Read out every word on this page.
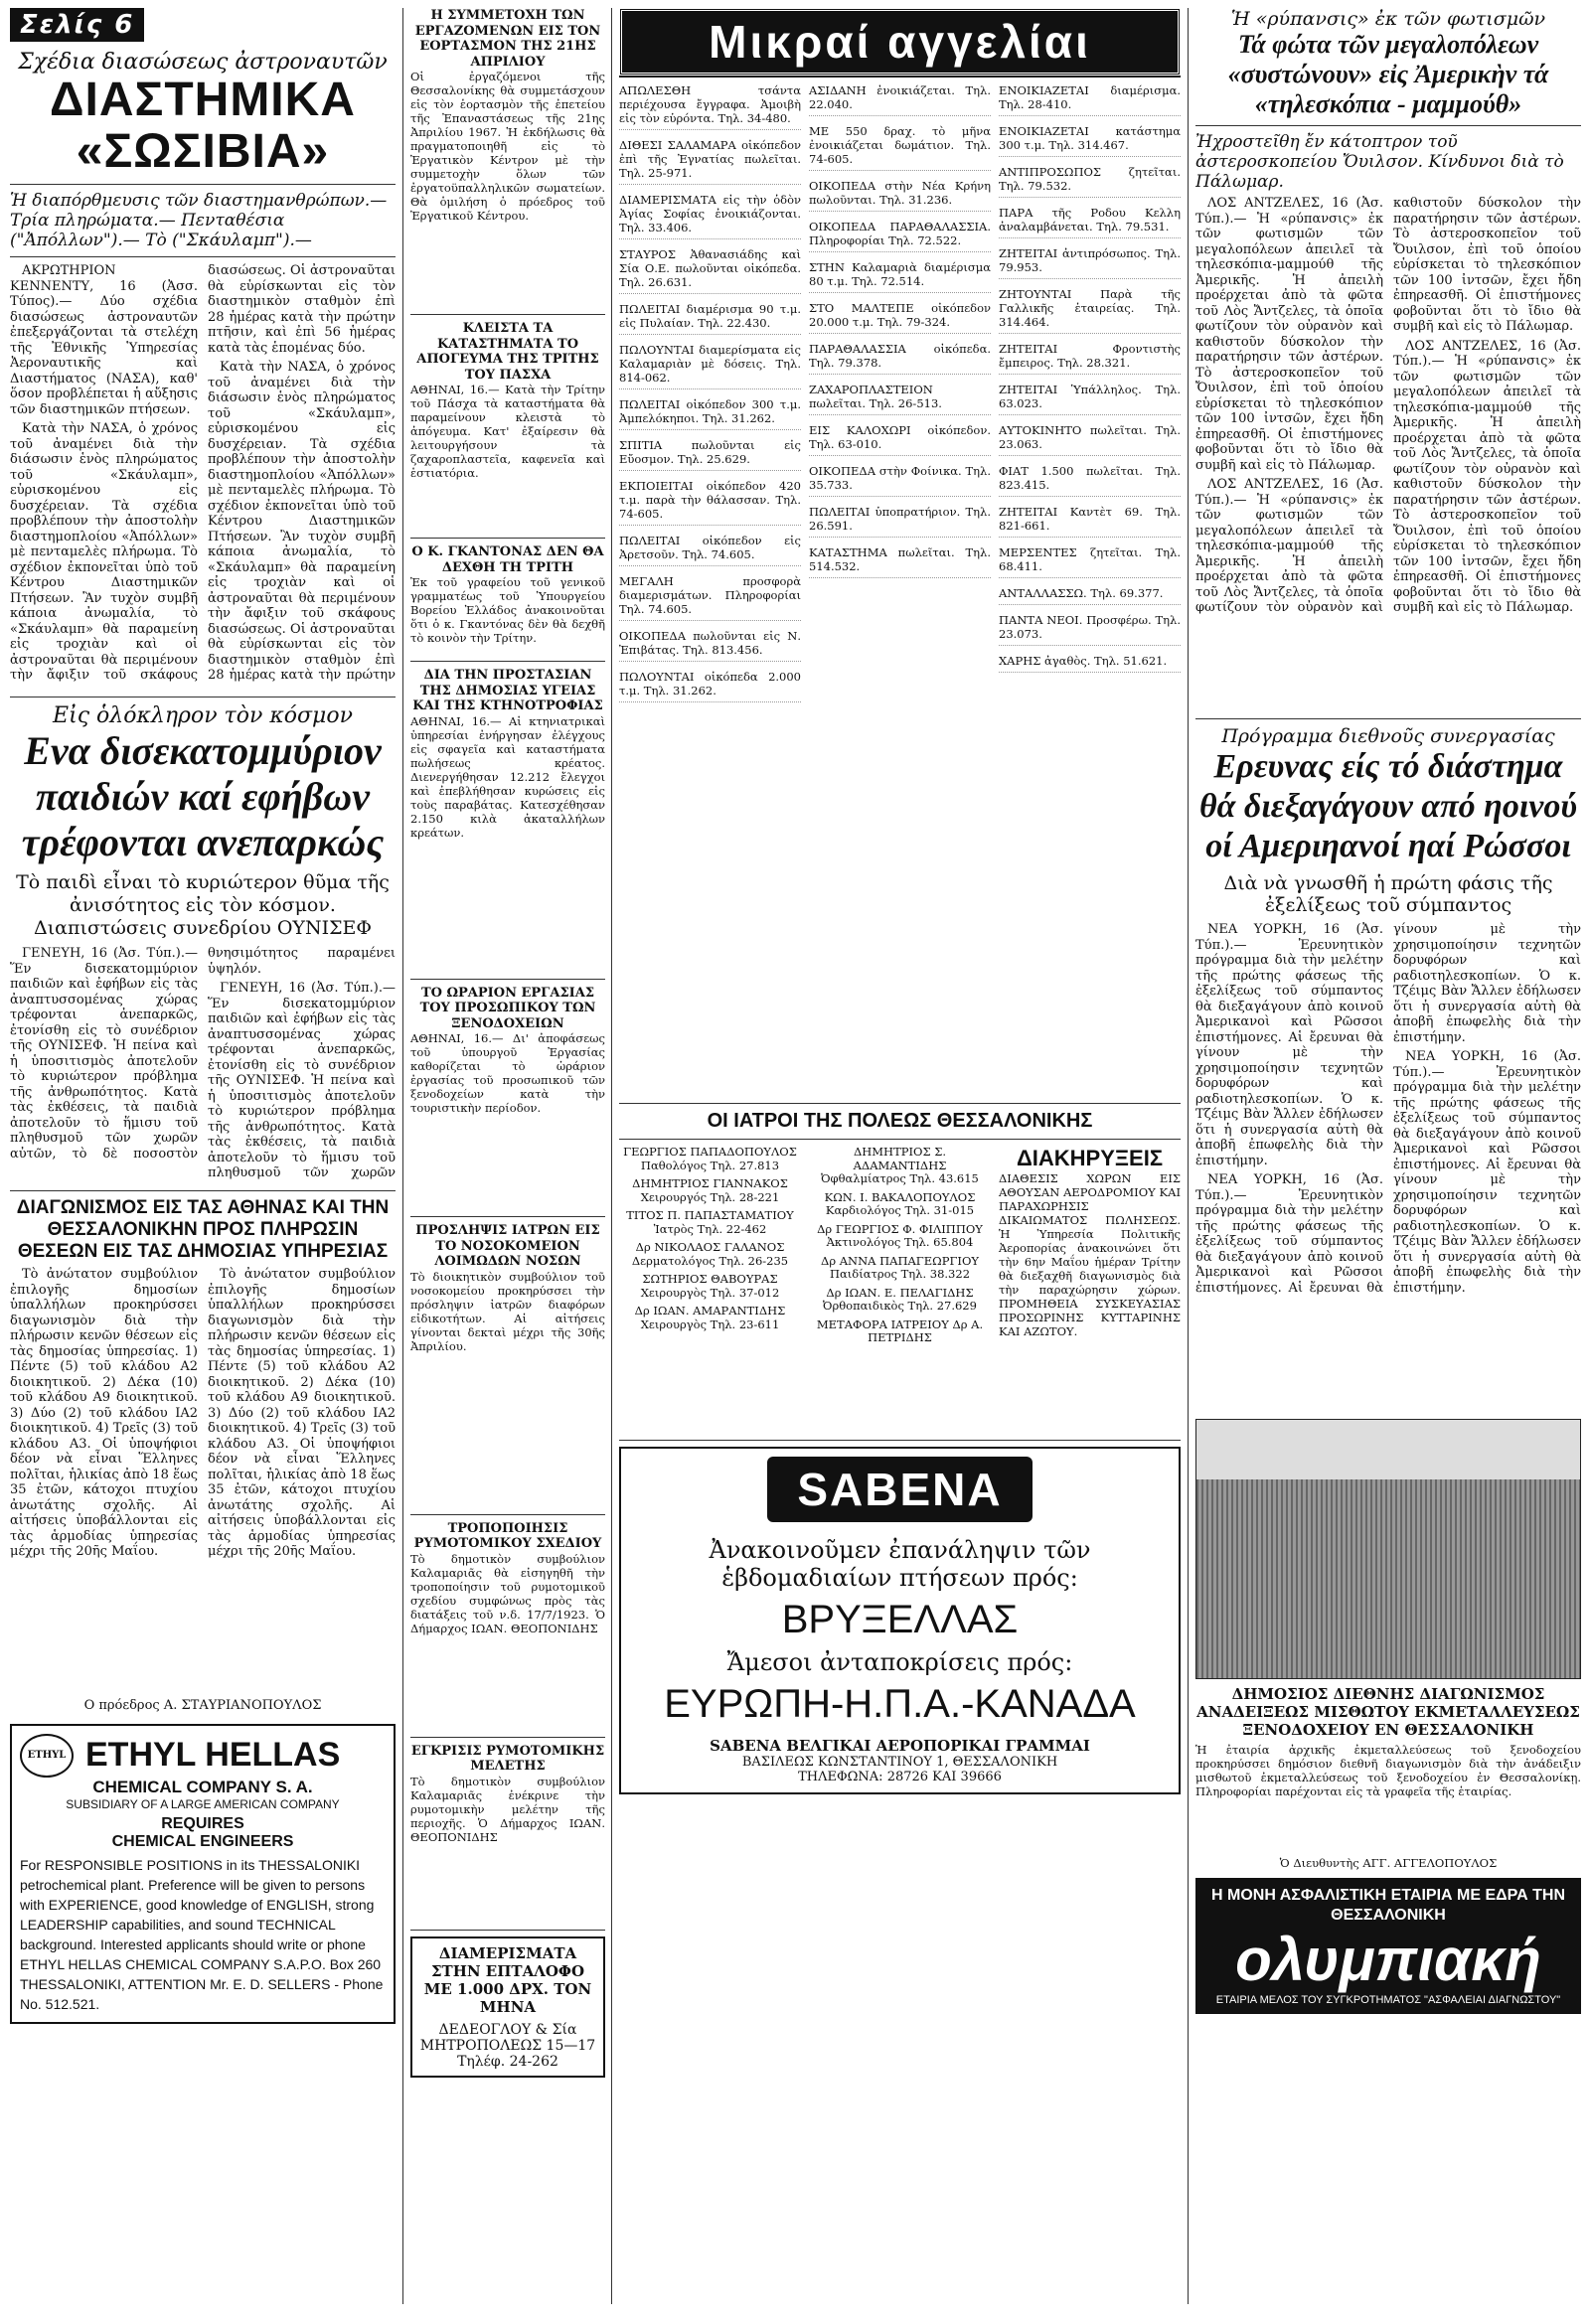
Σελίς 6
Σχέδια διασώσεως ἀστροναυτῶν
ΔΙΑΣΤΗΜΙΚΑ «ΣΩΣΙΒΙΑ»
Ἡ διαπόρθμευσις τῶν διαστημανθρώπων.— Τρία πληρώματα.— Πενταθέσια ("Ἀπόλλων").— Τὸ ("Σκάυλαμπ").—

ΑΚΡΩΤΗΡΙΟΝ ΚΕΝΝΕΝΤΥ, 16 (Ἀσσ. Τύπος).— Δύο σχέδια διασώσεως ἀστροναυτῶν ἐπεξεργάζονται τὰ στελέχη τῆς Ἐθνικῆς Ὑπηρεσίας Ἀεροναυτικῆς καὶ Διαστήματος (ΝΑΣΑ), καθ' ὅσον προβλέπεται ἡ αὔξησις τῶν διαστημικῶν πτήσεων.

Κατὰ τὴν ΝΑΣΑ, ὁ χρόνος τοῦ ἀναμένει διὰ τὴν διάσωσιν ἑνὸς πληρώματος τοῦ «Σκάυλαμπ», εὑρισκομένου εἰς δυσχέρειαν. Τὰ σχέδια προβλέπουν τὴν ἀποστολὴν διαστημοπλοίου «Ἀπόλλων» μὲ πενταμελὲς πλήρωμα. Τὸ σχέδιον ἐκπονεῖται ὑπὸ τοῦ Κέντρου Διαστημικῶν Πτήσεων. Ἂν τυχὸν συμβῆ κάποια ἀνωμαλία, τὸ «Σκάυλαμπ» θὰ παραμείνη εἰς τροχιὰν καὶ οἱ ἀστροναῦται θὰ περιμένουν τὴν ἄφιξιν τοῦ σκάφους διασώσεως. Οἱ ἀστροναῦται θὰ εὑρίσκωνται εἰς τὸν διαστημικὸν σταθμὸν ἐπὶ 28 ἡμέρας κατὰ τὴν πρώτην πτῆσιν, καὶ ἐπὶ 56 ἡμέρας κατὰ τὰς ἑπομένας δύο.

Κατὰ τὴν ΝΑΣΑ, ὁ χρόνος τοῦ ἀναμένει διὰ τὴν διάσωσιν ἑνὸς πληρώματος τοῦ «Σκάυλαμπ», εὑρισκομένου εἰς δυσχέρειαν. Τὰ σχέδια προβλέπουν τὴν ἀποστολὴν διαστημοπλοίου «Ἀπόλλων» μὲ πενταμελὲς πλήρωμα. Τὸ σχέδιον ἐκπονεῖται ὑπὸ τοῦ Κέντρου Διαστημικῶν Πτήσεων. Ἂν τυχὸν συμβῆ κάποια ἀνωμαλία, τὸ «Σκάυλαμπ» θὰ παραμείνη εἰς τροχιὰν καὶ οἱ ἀστροναῦται θὰ περιμένουν τὴν ἄφιξιν τοῦ σκάφους διασώσεως. Οἱ ἀστροναῦται θὰ εὑρίσκωνται εἰς τὸν διαστημικὸν σταθμὸν ἐπὶ 28 ἡμέρας κατὰ τὴν πρώτην

Εἰς ὁλόκληρον τὸν κόσμον
Ενα δισεκατομμύριον παιδιών καί εφήβων τρέφονται ανεπαρκώς
Τὸ παιδὶ εἶναι τὸ κυριώτερον θῦμα τῆς ἀνισότητος εἰς τὸν κόσμον. Διαπιστώσεις συνεδρίου ΟΥΝΙΣΕΦ

ΓΕΝΕΥΗ, 16 (Ἀσ. Τύπ.).— Ἕν δισεκατομμύριον παιδιῶν καὶ ἐφήβων εἰς τὰς ἀναπτυσσομένας χώρας τρέφονται ἀνεπαρκῶς, ἐτονίσθη εἰς τὸ συνέδριον τῆς ΟΥΝΙΣΕΦ. Ἡ πείνα καὶ ἡ ὑποσιτισμὸς ἀποτελοῦν τὸ κυριώτερον πρόβλημα τῆς ἀνθρωπότητος. Κατὰ τὰς ἐκθέσεις, τὰ παιδιὰ ἀποτελοῦν τὸ ἥμισυ τοῦ πληθυσμοῦ τῶν χωρῶν αὐτῶν, τὸ δὲ ποσοστὸν θνησιμότητος παραμένει ὑψηλόν.

ΓΕΝΕΥΗ, 16 (Ἀσ. Τύπ.).— Ἕν δισεκατομμύριον παιδιῶν καὶ ἐφήβων εἰς τὰς ἀναπτυσσομένας χώρας τρέφονται ἀνεπαρκῶς, ἐτονίσθη εἰς τὸ συνέδριον τῆς ΟΥΝΙΣΕΦ. Ἡ πείνα καὶ ἡ ὑποσιτισμὸς ἀποτελοῦν τὸ κυριώτερον πρόβλημα τῆς ἀνθρωπότητος. Κατὰ τὰς ἐκθέσεις, τὰ παιδιὰ ἀποτελοῦν τὸ ἥμισυ τοῦ πληθυσμοῦ τῶν χωρῶν

ΔΙΑΓΩΝΙΣΜΟΣ ΕΙΣ ΤΑΣ ΑΘΗΝΑΣ ΚΑΙ ΤΗΝ ΘΕΣΣΑΛΟΝΙΚΗΝ ΠΡΟΣ ΠΛΗΡΩΣΙΝ ΘΕΣΕΩΝ ΕΙΣ ΤΑΣ ΔΗΜΟΣΙΑΣ ΥΠΗΡΕΣΙΑΣ

Τὸ ἀνώτατον συμβούλιον ἐπιλογῆς δημοσίων ὑπαλλήλων προκηρύσσει διαγωνισμὸν διὰ τὴν πλήρωσιν κενῶν θέσεων εἰς τὰς δημοσίας ὑπηρεσίας. 1) Πέντε (5) τοῦ κλάδου Α2 διοικητικοῦ. 2) Δέκα (10) τοῦ κλάδου Α9 διοικητικοῦ. 3) Δύο (2) τοῦ κλάδου ΙΑ2 διοικητικοῦ. 4) Τρεῖς (3) τοῦ κλάδου Α3. Οἱ ὑποψήφιοι δέον νὰ εἶναι Ἕλληνες πολῖται, ἡλικίας ἀπὸ 18 ἕως 35 ἐτῶν, κάτοχοι πτυχίου ἀνωτάτης σχολῆς. Αἱ αἰτήσεις ὑποβάλλονται εἰς τὰς ἁρμοδίας ὑπηρεσίας μέχρι τῆς 20ῆς Μαΐου.

Τὸ ἀνώτατον συμβούλιον ἐπιλογῆς δημοσίων ὑπαλλήλων προκηρύσσει διαγωνισμὸν διὰ τὴν πλήρωσιν κενῶν θέσεων εἰς τὰς δημοσίας ὑπηρεσίας. 1) Πέντε (5) τοῦ κλάδου Α2 διοικητικοῦ. 2) Δέκα (10) τοῦ κλάδου Α9 διοικητικοῦ. 3) Δύο (2) τοῦ κλάδου ΙΑ2 διοικητικοῦ. 4) Τρεῖς (3) τοῦ κλάδου Α3. Οἱ ὑποψήφιοι δέον νὰ εἶναι Ἕλληνες πολῖται, ἡλικίας ἀπὸ 18 ἕως 35 ἐτῶν, κάτοχοι πτυχίου ἀνωτάτης σχολῆς. Αἱ αἰτήσεις ὑποβάλλονται εἰς τὰς ἁρμοδίας ὑπηρεσίας μέχρι τῆς 20ῆς Μαΐου.

Ο πρόεδρος Α. ΣΤΑΥΡΙΑΝΟΠΟΥΛΟΣ
ETHYL ETHYL HELLAS
CHEMICAL COMPANY S. A.
SUBSIDIARY OF A LARGE AMERICAN COMPANY
REQUIRES
CHEMICAL ENGINEERS
For RESPONSIBLE POSITIONS in its THESSALONIKI petrochemical plant. Preference will be given to persons with EXPERIENCE, good knowledge of ENGLISH, strong LEADERSHIP capabilities, and sound TECHNICAL background. Interested applicants should write or phone ETHYL HELLAS CHEMICAL COMPANY S.A.P.O. Box 260 THESSALONIKI, ATTENTION Mr. E. D. SELLERS - Phone No. 512.521.
Η ΣΥΜΜΕΤΟΧΗ ΤΩΝ ΕΡΓΑΖΟΜΕΝΩΝ ΕΙΣ ΤΟΝ ΕΟΡΤΑΣΜΟΝ ΤΗΣ 21ΗΣ ΑΠΡΙΛΙΟΥ
Οἱ ἐργαζόμενοι τῆς Θεσσαλονίκης θὰ συμμετάσχουν εἰς τὸν ἑορτασμὸν τῆς ἐπετείου τῆς Ἐπαναστάσεως τῆς 21ης Ἀπριλίου 1967. Ἡ ἐκδήλωσις θὰ πραγματοποιηθῆ εἰς τὸ Ἐργατικὸν Κέντρον μὲ τὴν συμμετοχὴν ὅλων τῶν ἐργατοϋπαλληλικῶν σωματείων. Θὰ ὁμιλήση ὁ πρόεδρος τοῦ Ἐργατικοῦ Κέντρου.
ΚΛΕΙΣΤΑ ΤΑ ΚΑΤΑΣΤΗΜΑΤΑ ΤΟ ΑΠΟΓΕΥΜΑ ΤΗΣ ΤΡΙΤΗΣ ΤΟΥ ΠΑΣΧΑ
ΑΘΗΝΑΙ, 16.— Κατὰ τὴν Τρίτην τοῦ Πάσχα τὰ καταστήματα θὰ παραμείνουν κλειστὰ τὸ ἀπόγευμα. Κατ' ἐξαίρεσιν θὰ λειτουργήσουν τὰ ζαχαροπλαστεῖα, καφενεῖα καὶ ἑστιατόρια.
Ο Κ. ΓΚΑΝΤΟΝΑΣ ΔΕΝ ΘΑ ΔΕΧΘΗ ΤΗ ΤΡΙΤΗ
Ἐκ τοῦ γραφείου τοῦ γενικοῦ γραμματέως τοῦ Ὑπουργείου Βορείου Ἑλλάδος ἀνακοινοῦται ὅτι ὁ κ. Γκαντόνας δὲν θὰ δεχθῆ τὸ κοινὸν τὴν Τρίτην.
ΔΙΑ ΤΗΝ ΠΡΟΣΤΑΣΙΑΝ ΤΗΣ ΔΗΜΟΣΙΑΣ ΥΓΕΙΑΣ ΚΑΙ ΤΗΣ ΚΤΗΝΟΤΡΟΦΙΑΣ
ΑΘΗΝΑΙ, 16.— Αἱ κτηνιατρικαὶ ὑπηρεσίαι ἐνήργησαν ἐλέγχους εἰς σφαγεῖα καὶ καταστήματα πωλήσεως κρέατος. Διενεργήθησαν 12.212 ἔλεγχοι καὶ ἐπεβλήθησαν κυρώσεις εἰς τοὺς παραβάτας. Κατεσχέθησαν 2.150 κιλὰ ἀκαταλλήλων κρεάτων.
ΤΟ ΩΡΑΡΙΟΝ ΕΡΓΑΣΙΑΣ ΤΟΥ ΠΡΟΣΩΠΙΚΟΥ ΤΩΝ ΞΕΝΟΔΟΧΕΙΩΝ
ΑΘΗΝΑΙ, 16.— Δι' ἀποφάσεως τοῦ ὑπουργοῦ Ἐργασίας καθορίζεται τὸ ὡράριον ἐργασίας τοῦ προσωπικοῦ τῶν ξενοδοχείων κατὰ τὴν τουριστικὴν περίοδον.
ΠΡΟΣΛΗΨΙΣ ΙΑΤΡΩΝ ΕΙΣ ΤΟ ΝΟΣΟΚΟΜΕΙΟΝ ΛΟΙΜΩΔΩΝ ΝΟΣΩΝ
Τὸ διοικητικὸν συμβούλιον τοῦ νοσοκομείου προκηρύσσει τὴν πρόσληψιν ἰατρῶν διαφόρων εἰδικοτήτων. Αἱ αἰτήσεις γίνονται δεκταὶ μέχρι τῆς 30ῆς Ἀπριλίου.
ΤΡΟΠΟΠΟΙΗΣΙΣ ΡΥΜΟΤΟΜΙΚΟΥ ΣΧΕΔΙΟΥ
Τὸ δημοτικὸν συμβούλιον Καλαμαριᾶς θὰ εἰσηγηθῆ τὴν τροποποίησιν τοῦ ρυμοτομικοῦ σχεδίου συμφώνως πρὸς τὰς διατάξεις τοῦ ν.δ. 17/7/1923. Ὁ Δήμαρχος ΙΩΑΝ. ΘΕΟΠΟΝΙΔΗΣ
ΕΓΚΡΙΣΙΣ ΡΥΜΟΤΟΜΙΚΗΣ ΜΕΛΕΤΗΣ
Τὸ δημοτικὸν συμβούλιον Καλαμαριᾶς ἐνέκρινε τὴν ρυμοτομικὴν μελέτην τῆς περιοχῆς. Ὁ Δήμαρχος ΙΩΑΝ. ΘΕΟΠΟΝΙΔΗΣ
ΔΙΑΜΕΡΙΣΜΑΤΑ ΣΤΗΝ ΕΠΤΑΛΟΦΟ ΜΕ 1.000 ΔΡΧ. ΤΟΝ ΜΗΝΑ
ΔΕΔΕΟΓΛΟΥ & Σία ΜΗΤΡΟΠΟΛΕΩΣ 15—17 Τηλέφ. 24-262
Μικραί αγγελίαι
ΑΠΩΛΕΣΘΗ τσάντα περιέχουσα ἔγγραφα. Ἀμοιβὴ εἰς τὸν εὑρόντα. Τηλ. 34-480.
ΔΙΘΕΣΙ ΣΑΛΑΜΑΡΑ οἰκόπεδον ἐπὶ τῆς Ἐγνατίας πωλεῖται. Τηλ. 25-971.
ΔΙΑΜΕΡΙΣΜΑΤΑ εἰς τὴν ὁδὸν Ἀγίας Σοφίας ἐνοικιάζονται. Τηλ. 33.406.
ΣΤΑΥΡΟΣ Ἀθανασιάδης καὶ Σία Ο.Ε. πωλοῦνται οἰκόπεδα. Τηλ. 26.631.
ΠΩΛΕΙΤΑΙ διαμέρισμα 90 τ.μ. εἰς Πυλαίαν. Τηλ. 22.430.
ΠΩΛΟΥΝΤΑΙ διαμερίσματα εἰς Καλαμαριὰν μὲ δόσεις. Τηλ. 814-062.
ΠΩΛΕΙΤΑΙ οἰκόπεδον 300 τ.μ. Ἀμπελόκηποι. Τηλ. 31.262.
ΣΠΙΤΙΑ πωλοῦνται εἰς Εὔοσμον. Τηλ. 25.629.
ΕΚΠΟΙΕΙΤΑΙ οἰκόπεδον 420 τ.μ. παρὰ τὴν θάλασσαν. Τηλ. 74-605.
ΠΩΛΕΙΤΑΙ οἰκόπεδον εἰς Ἀρετσοῦν. Τηλ. 74.605.
ΜΕΓΑΛΗ προσφορὰ διαμερισμάτων. Πληροφορίαι Τηλ. 74.605.
ΟΙΚΟΠΕΔΑ πωλοῦνται εἰς Ν. Ἐπιβάτας. Τηλ. 813.456.
ΠΩΛΟΥΝΤΑΙ οἰκόπεδα 2.000 τ.μ. Τηλ. 31.262.
ΑΣΙΔΑΝΗ ἐνοικιάζεται. Τηλ. 22.040.
ΜΕ 550 δραχ. τὸ μῆνα ἐνοικιάζεται δωμάτιον. Τηλ. 74-605.
ΟΙΚΟΠΕΔΑ στὴν Νέα Κρήνη πωλοῦνται. Τηλ. 31.236.
ΟΙΚΟΠΕΔΑ ΠΑΡΑΘΑΛΑΣΣΙΑ. Πληροφορίαι Τηλ. 72.522.
ΣΤΗΝ Καλαμαριὰ διαμέρισμα 80 τ.μ. Τηλ. 72.514.
ΣΤΟ ΜΑΛΤΕΠΕ οἰκόπεδον 20.000 τ.μ. Τηλ. 79-324.
ΠΑΡΑΘΑΛΑΣΣΙΑ οἰκόπεδα. Τηλ. 79.378.
ΖΑΧΑΡΟΠΛΑΣΤΕΙΟΝ πωλεῖται. Τηλ. 26-513.
ΕΙΣ ΚΑΛΟΧΩΡΙ οἰκόπεδον. Τηλ. 63-010.
ΟΙΚΟΠΕΔΑ στὴν Φοίνικα. Τηλ. 35.733.
ΠΩΛΕΙΤΑΙ ὑποπρατήριον. Τηλ. 26.591.
ΚΑΤΑΣΤΗΜΑ πωλεῖται. Τηλ. 514.532.
ΕΝΟΙΚΙΑΖΕΤΑΙ διαμέρισμα. Τηλ. 28-410.
ΕΝΟΙΚΙΑΖΕΤΑΙ κατάστημα 300 τ.μ. Τηλ. 314.467.
ΑΝΤΙΠΡΟΣΩΠΟΣ ζητεῖται. Τηλ. 79.532.
ΠΑΡΑ τῆς Ροδου Κελλη ἀναλαμβάνεται. Τηλ. 79.531.
ΖΗΤΕΙΤΑΙ ἀντιπρόσωπος. Τηλ. 79.953.
ΖΗΤΟΥΝΤΑΙ Παρὰ τῆς Γαλλικῆς ἑταιρείας. Τηλ. 314.464.
ΖΗΤΕΙΤΑΙ Φροντιστὴς ἔμπειρος. Τηλ. 28.321.
ΖΗΤΕΙΤΑΙ Ὑπάλληλος. Τηλ. 63.023.
ΑΥΤΟΚΙΝΗΤΟ πωλεῖται. Τηλ. 23.063.
ΦΙΑΤ 1.500 πωλεῖται. Τηλ. 823.415.
ΖΗΤΕΙΤΑΙ Καντὲτ 69. Τηλ. 821-661.
ΜΕΡΣΕΝΤΕΣ ζητεῖται. Τηλ. 68.411.
ΑΝΤΑΛΛΑΣΣΩ. Τηλ. 69.377.
ΠΑΝΤΑ ΝΕΟΙ. Προσφέρω. Τηλ. 23.073.
ΧΑΡΗΣ ἀγαθὸς. Τηλ. 51.621.
ΟΙ ΙΑΤΡΟΙ ΤΗΣ ΠΟΛΕΩΣ ΘΕΣΣΑΛΟΝΙΚΗΣ
ΓΕΩΡΓΙΟΣ ΠΑΠΑΔΟΠΟΥΛΟΣ Παθολόγος Τηλ. 27.813
ΔΗΜΗΤΡΙΟΣ ΓΙΑΝΝΑΚΟΣ Χειρουργός Τηλ. 28-221
ΤΙΤΟΣ Π. ΠΑΠΑΣΤΑΜΑΤΙΟΥ Ἰατρὸς Τηλ. 22-462
Δρ ΝΙΚΟΛΑΟΣ ΓΑΛΑΝΟΣ Δερματολόγος Τηλ. 26-235
ΣΩΤΗΡΙΟΣ ΘΑΒΟΥΡΑΣ Χειρουργὸς Τηλ. 37-012
Δρ ΙΩΑΝ. ΑΜΑΡΑΝΤΙΔΗΣ Χειρουργὸς Τηλ. 23-611
ΔΗΜΗΤΡΙΟΣ Σ. ΑΔΑΜΑΝΤΙΔΗΣ Ὀφθαλμίατρος Τηλ. 43.615
ΚΩΝ. Ι. ΒΑΚΑΛΟΠΟΥΛΟΣ Καρδιολόγος Τηλ. 31-015
Δρ ΓΕΩΡΓΙΟΣ Φ. ΦΙΛΙΠΠΟΥ Ἀκτινολόγος Τηλ. 65.804
Δρ ΑΝΝΑ ΠΑΠΑΓΕΩΡΓΙΟΥ Παιδίατρος Τηλ. 38.322
Δρ ΙΩΑΝ. Ε. ΠΕΛΑΓΙΔΗΣ Ὀρθοπαιδικὸς Τηλ. 27.629
ΜΕΤΑΦΟΡΑ ΙΑΤΡΕΙΟΥ Δρ Α. ΠΕΤΡΙΔΗΣ
ΔΙΑΚΗΡΥΞΕΙΣ
ΔΙΑΘΕΣΙΣ ΧΩΡΩΝ ΕΙΣ ΑΘΟΥΣΑΝ ΑΕΡΟΔΡΟΜΙΟΥ ΚΑΙ ΠΑΡΑΧΩΡΗΣΙΣ ΔΙΚΑΙΩΜΑΤΟΣ ΠΩΛΗΣΕΩΣ. Ἡ Ὑπηρεσία Πολιτικῆς Ἀεροπορίας ἀνακοινώνει ὅτι τὴν 6ην Μαΐου ἡμέραν Τρίτην θὰ διεξαχθῆ διαγωνισμὸς διὰ τὴν παραχώρησιν χώρων. ΠΡΟΜΗΘΕΙΑ ΣΥΣΚΕΥΑΣΙΑΣ ΠΡΟΣΩΡΙΝΗΣ ΚΥΤΤΑΡΙΝΗΣ ΚΑΙ ΑΖΩΤΟΥ.
SABENA
Ἀνακοινοῦμεν ἐπανάληψιν τῶν ἑβδομαδιαίων πτήσεων πρός:
ΒΡΥΞΕΛΛΑΣ
Ἄμεσοι ἀνταποκρίσεις πρός:
ΕΥΡΩΠΗ-Η.Π.Α.-ΚΑΝΑΔΑ
SABENA ΒΕΛΓΙΚΑΙ ΑΕΡΟΠΟΡΙΚΑΙ ΓΡΑΜΜΑΙ
ΒΑΣΙΛΕΩΣ ΚΩΝΣΤΑΝΤΙΝΟΥ 1, ΘΕΣΣΑΛΟΝΙΚΗ
ΤΗΛΕΦΩΝΑ: 28726 ΚΑΙ 39666
Ἡ «ρύπανσις» ἐκ τῶν φωτισμῶν
Τά φώτα τῶν μεγαλοπόλεων «συστώνουν» εἰς Ἀμερικὴν τά «τηλεσκόπια - μαμμούθ»
Ἠχροστεῖθη ἔν κάτοπτρον τοῦ ἀστεροσκοπείου Ὄυιλσον. Κίνδυνοι διὰ τὸ Πάλωμαρ.

ΛΟΣ ΑΝΤΖΕΛΕΣ, 16 (Ἀσ. Τύπ.).— Ἡ «ρύπανσις» ἐκ τῶν φωτισμῶν τῶν μεγαλοπόλεων ἀπειλεῖ τὰ τηλεσκόπια-μαμμούθ τῆς Ἀμερικῆς. Ἡ ἀπειλὴ προέρχεται ἀπὸ τὰ φῶτα τοῦ Λὸς Ἄντζελες, τὰ ὁποῖα φωτίζουν τὸν οὐρανὸν καὶ καθιστοῦν δύσκολον τὴν παρατήρησιν τῶν ἀστέρων. Τὸ ἀστεροσκοπεῖον τοῦ Ὄυιλσον, ἐπὶ τοῦ ὁποίου εὑρίσκεται τὸ τηλεσκόπιον τῶν 100 ἰντσῶν, ἔχει ἤδη ἐπηρεασθῆ. Οἱ ἐπιστήμονες φοβοῦνται ὅτι τὸ ἴδιο θὰ συμβῆ καὶ εἰς τὸ Πάλωμαρ.

ΛΟΣ ΑΝΤΖΕΛΕΣ, 16 (Ἀσ. Τύπ.).— Ἡ «ρύπανσις» ἐκ τῶν φωτισμῶν τῶν μεγαλοπόλεων ἀπειλεῖ τὰ τηλεσκόπια-μαμμούθ τῆς Ἀμερικῆς. Ἡ ἀπειλὴ προέρχεται ἀπὸ τὰ φῶτα τοῦ Λὸς Ἄντζελες, τὰ ὁποῖα φωτίζουν τὸν οὐρανὸν καὶ καθιστοῦν δύσκολον τὴν παρατήρησιν τῶν ἀστέρων. Τὸ ἀστεροσκοπεῖον τοῦ Ὄυιλσον, ἐπὶ τοῦ ὁποίου εὑρίσκεται τὸ τηλεσκόπιον τῶν 100 ἰντσῶν, ἔχει ἤδη ἐπηρεασθῆ. Οἱ ἐπιστήμονες φοβοῦνται ὅτι τὸ ἴδιο θὰ συμβῆ καὶ εἰς τὸ Πάλωμαρ.

ΛΟΣ ΑΝΤΖΕΛΕΣ, 16 (Ἀσ. Τύπ.).— Ἡ «ρύπανσις» ἐκ τῶν φωτισμῶν τῶν μεγαλοπόλεων ἀπειλεῖ τὰ τηλεσκόπια-μαμμούθ τῆς Ἀμερικῆς. Ἡ ἀπειλὴ προέρχεται ἀπὸ τὰ φῶτα τοῦ Λὸς Ἄντζελες, τὰ ὁποῖα φωτίζουν τὸν οὐρανὸν καὶ καθιστοῦν δύσκολον τὴν παρατήρησιν τῶν ἀστέρων. Τὸ ἀστεροσκοπεῖον τοῦ Ὄυιλσον, ἐπὶ τοῦ ὁποίου εὑρίσκεται τὸ τηλεσκόπιον τῶν 100 ἰντσῶν, ἔχει ἤδη ἐπηρεασθῆ. Οἱ ἐπιστήμονες φοβοῦνται ὅτι τὸ ἴδιο θὰ συμβῆ καὶ εἰς τὸ Πάλωμαρ.

Πρόγραμμα διεθνοῦς συνεργασίας
Ερευνας είς τό διάστημα θά διεξαγάγουν από ηοινού οί Αμεριηανοί ηαί Ρώσσοι
Διὰ νὰ γνωσθῆ ἡ πρώτη φάσις τῆς ἐξελίξεως τοῦ σύμπαντος

ΝΕΑ ΥΟΡΚΗ, 16 (Ἀσ. Τύπ.).— Ἐρευνητικὸν πρόγραμμα διὰ τὴν μελέτην τῆς πρώτης φάσεως τῆς ἐξελίξεως τοῦ σύμπαντος θὰ διεξαγάγουν ἀπὸ κοινοῦ Ἀμερικανοὶ καὶ Ρῶσσοι ἐπιστήμονες. Αἱ ἔρευναι θὰ γίνουν μὲ τὴν χρησιμοποίησιν τεχνητῶν δορυφόρων καὶ ραδιοτηλεσκοπίων. Ὁ κ. Τζέιμς Βὰν Ἄλλεν ἐδήλωσεν ὅτι ἡ συνεργασία αὐτὴ θὰ ἀποβῆ ἐπωφελὴς διὰ τὴν ἐπιστήμην.

ΝΕΑ ΥΟΡΚΗ, 16 (Ἀσ. Τύπ.).— Ἐρευνητικὸν πρόγραμμα διὰ τὴν μελέτην τῆς πρώτης φάσεως τῆς ἐξελίξεως τοῦ σύμπαντος θὰ διεξαγάγουν ἀπὸ κοινοῦ Ἀμερικανοὶ καὶ Ρῶσσοι ἐπιστήμονες. Αἱ ἔρευναι θὰ γίνουν μὲ τὴν χρησιμοποίησιν τεχνητῶν δορυφόρων καὶ ραδιοτηλεσκοπίων. Ὁ κ. Τζέιμς Βὰν Ἄλλεν ἐδήλωσεν ὅτι ἡ συνεργασία αὐτὴ θὰ ἀποβῆ ἐπωφελὴς διὰ τὴν ἐπιστήμην.

ΝΕΑ ΥΟΡΚΗ, 16 (Ἀσ. Τύπ.).— Ἐρευνητικὸν πρόγραμμα διὰ τὴν μελέτην τῆς πρώτης φάσεως τῆς ἐξελίξεως τοῦ σύμπαντος θὰ διεξαγάγουν ἀπὸ κοινοῦ Ἀμερικανοὶ καὶ Ρῶσσοι ἐπιστήμονες. Αἱ ἔρευναι θὰ γίνουν μὲ τὴν χρησιμοποίησιν τεχνητῶν δορυφόρων καὶ ραδιοτηλεσκοπίων. Ὁ κ. Τζέιμς Βὰν Ἄλλεν ἐδήλωσεν ὅτι ἡ συνεργασία αὐτὴ θὰ ἀποβῆ ἐπωφελὴς διὰ τὴν ἐπιστήμην.

ΔΗΜΟΣΙΟΣ ΔΙΕΘΝΗΣ ΔΙΑΓΩΝΙΣΜΟΣ ΑΝΑΔΕΙΞΕΩΣ ΜΙΣΘΩΤΟΥ ΕΚΜΕΤΑΛΛΕΥΣΕΩΣ ΞΕΝΟΔΟΧΕΙΟΥ ΕΝ ΘΕΣΣΑΛΟΝΙΚΗ
Ἡ ἐταιρία ἀρχικῆς ἐκμεταλλεύσεως τοῦ ξενοδοχείου προκηρύσσει δημόσιον διεθνῆ διαγωνισμὸν διὰ τὴν ἀνάδειξιν μισθωτοῦ ἐκμεταλλεύσεως τοῦ ξενοδοχείου ἐν Θεσσαλονίκῃ. Πληροφορίαι παρέχονται εἰς τὰ γραφεῖα τῆς ἑταιρίας.
Ὁ Διευθυντὴς ΑΓΓ. ΑΓΓΕΛΟΠΟΥΛΟΣ
Η ΜΟΝΗ ΑΣΦΑΛΙΣΤΙΚΗ ΕΤΑΙΡΙΑ ΜΕ ΕΔΡΑ ΤΗΝ ΘΕΣΣΑΛΟΝΙΚΗ
ολυμπιακή
ΕΤΑΙΡΙΑ ΜΕΛΟΣ ΤΟΥ ΣΥΓΚΡΟΤΗΜΑΤΟΣ "ΑΣΦΑΛΕΙΑΙ ΔΙΑΓΝΩΣΤΟΥ"
